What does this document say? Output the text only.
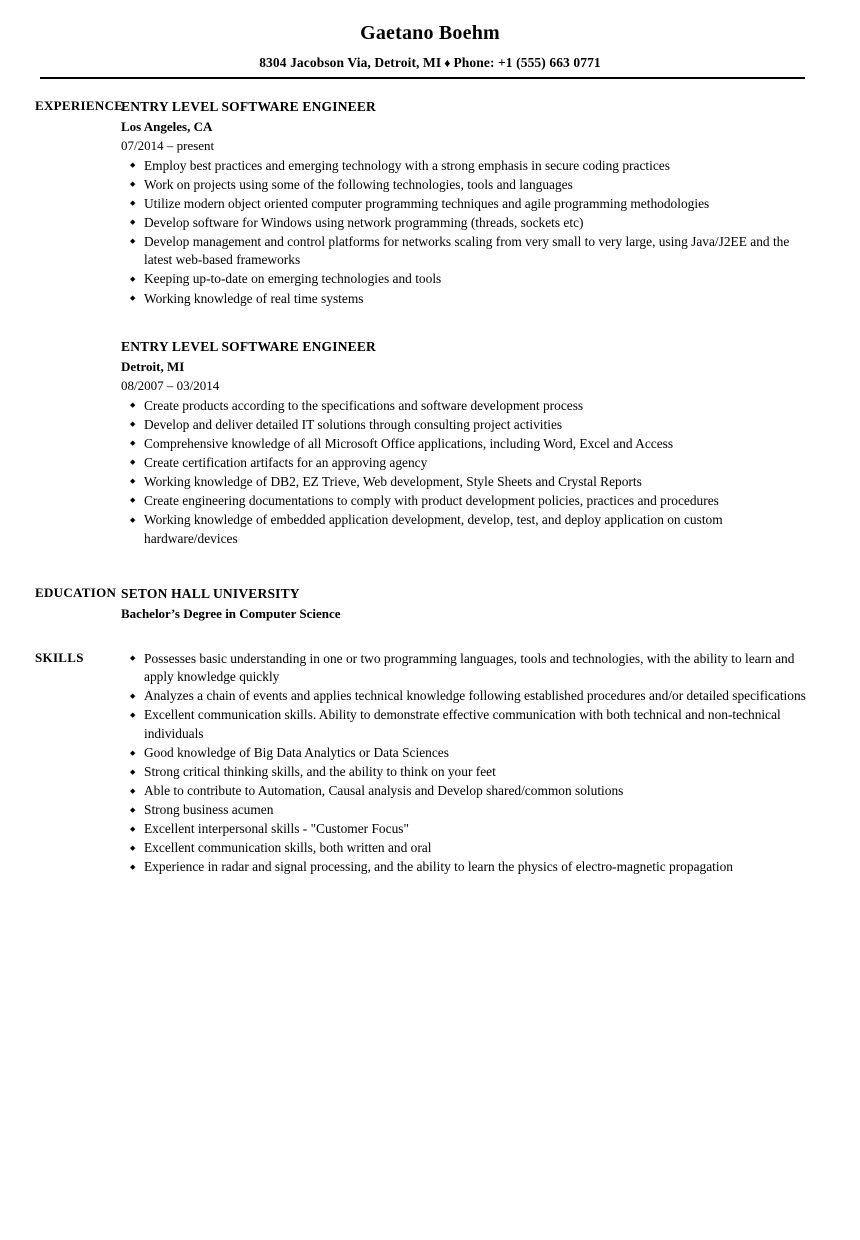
Gaetano Boehm
8304 Jacobson Via, Detroit, MI ♦ Phone: +1 (555) 663 0771
EXPERIENCE
ENTRY LEVEL SOFTWARE ENGINEER
Los Angeles, CA
07/2014 – present
◆ Employ best practices and emerging technology with a strong emphasis in secure coding practices
◆ Work on projects using some of the following technologies, tools and languages
◆ Utilize modern object oriented computer programming techniques and agile programming methodologies
◆ Develop software for Windows using network programming (threads, sockets etc)
◆ Develop management and control platforms for networks scaling from very small to very large, using Java/J2EE and the latest web-based frameworks
◆ Keeping up-to-date on emerging technologies and tools
◆ Working knowledge of real time systems
ENTRY LEVEL SOFTWARE ENGINEER
Detroit, MI
08/2007 – 03/2014
◆ Create products according to the specifications and software development process
◆ Develop and deliver detailed IT solutions through consulting project activities
◆ Comprehensive knowledge of all Microsoft Office applications, including Word, Excel and Access
◆ Create certification artifacts for an approving agency
◆ Working knowledge of DB2, EZ Trieve, Web development, Style Sheets and Crystal Reports
◆ Create engineering documentations to comply with product development policies, practices and procedures
◆ Working knowledge of embedded application development, develop, test, and deploy application on custom hardware/devices
EDUCATION SETON HALL UNIVERSITY
Bachelor’s Degree in Computer Science
SKILLS	◆ Possesses basic understanding in one or two programming languages, tools and technologies, with the ability to learn and apply knowledge quickly
◆ Analyzes a chain of events and applies technical knowledge following established procedures and/or detailed specifications
◆ Excellent communication skills. Ability to demonstrate effective communication with both technical and non-technical individuals
◆ Good knowledge of Big Data Analytics or Data Sciences
◆ Strong critical thinking skills, and the ability to think on your feet
◆ Able to contribute to Automation, Causal analysis and Develop shared/common solutions
◆ Strong business acumen
◆ Excellent interpersonal skills - "Customer Focus"
◆ Excellent communication skills, both written and oral
◆ Experience in radar and signal processing, and the ability to learn the physics of electro-magnetic propagation
